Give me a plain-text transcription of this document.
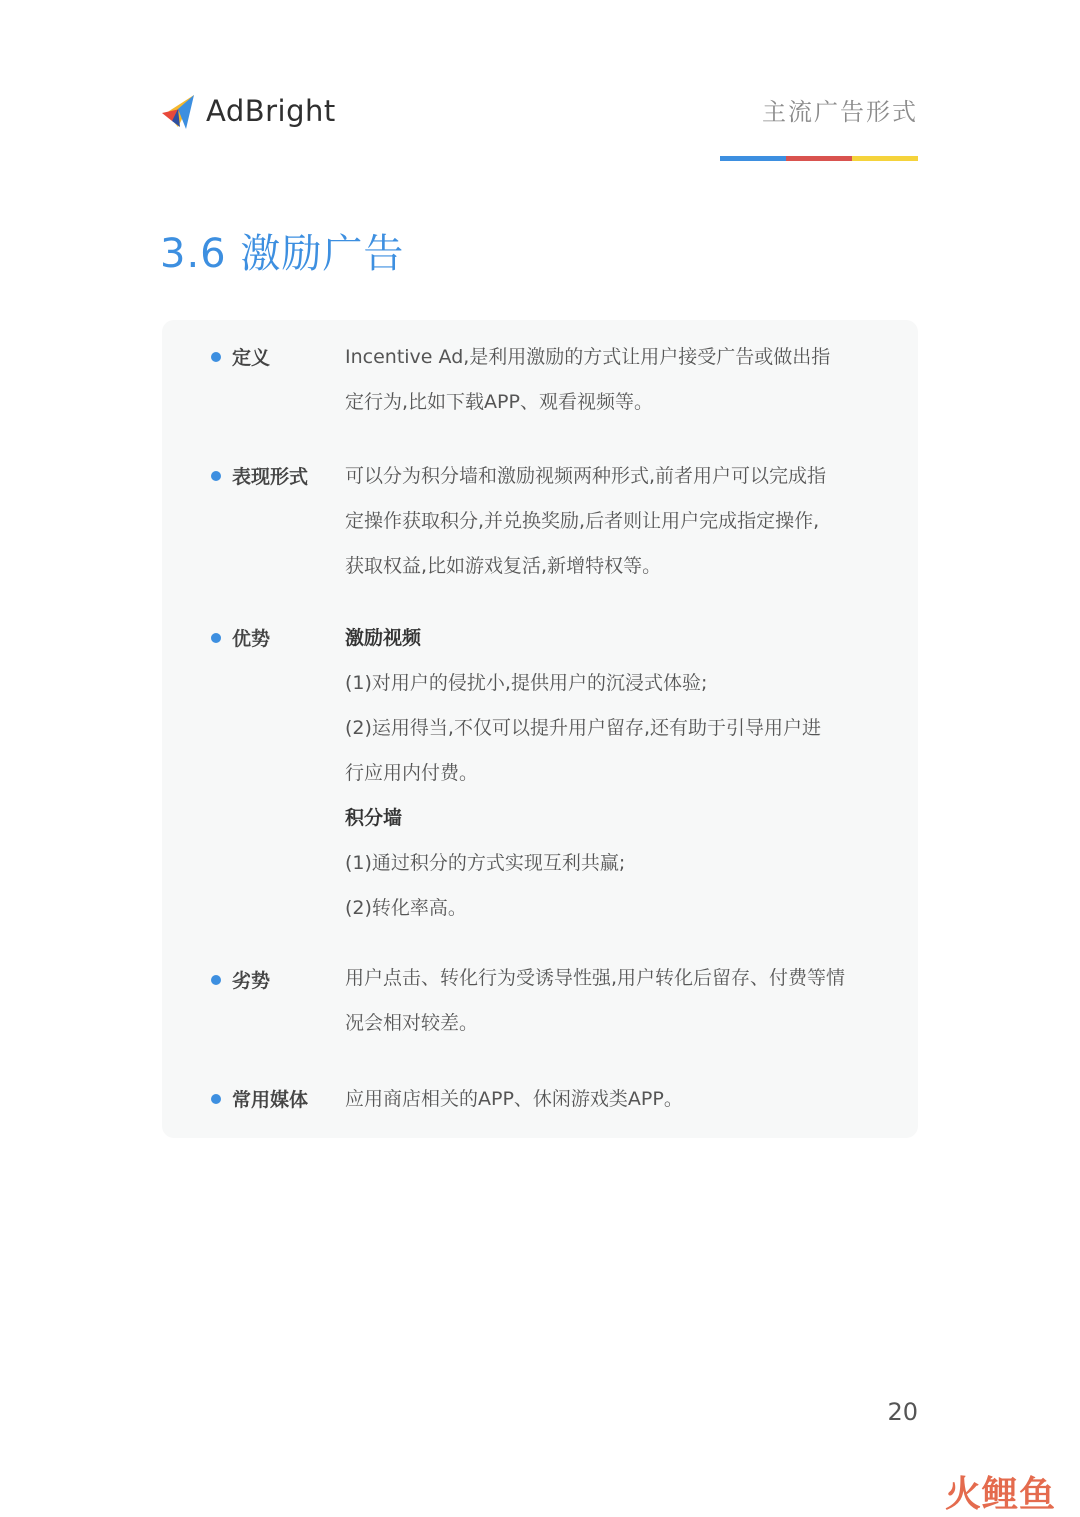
AdBright	主流广告形式
3.6 激励广告
定义	Incentive Ad,是利用激励的方式让用户接受广告或做出指

定行为,比如下载APP、观看视频等。

表现形式 可以分为积分墙和激励视频两种形式,前者用户可以完成指

定操作获取积分,并兑换奖励,后者则让用户完成指定操作,

获取权益,比如游戏复活,新增特权等。

优势	激励视频

(1)对用户的侵扰小,提供用户的沉浸式体验;

(2)运用得当,不仅可以提升用户留存,还有助于引导用户进

行应用内付费。

积分墙

(1)通过积分的方式实现互利共赢;

(2)转化率高。

劣势	用户点击、转化行为受诱导性强,用户转化后留存、付费等情

况会相对较差。

常用媒体 应用商店相关的APP、休闲游戏类APP。

20
火鲤鱼
